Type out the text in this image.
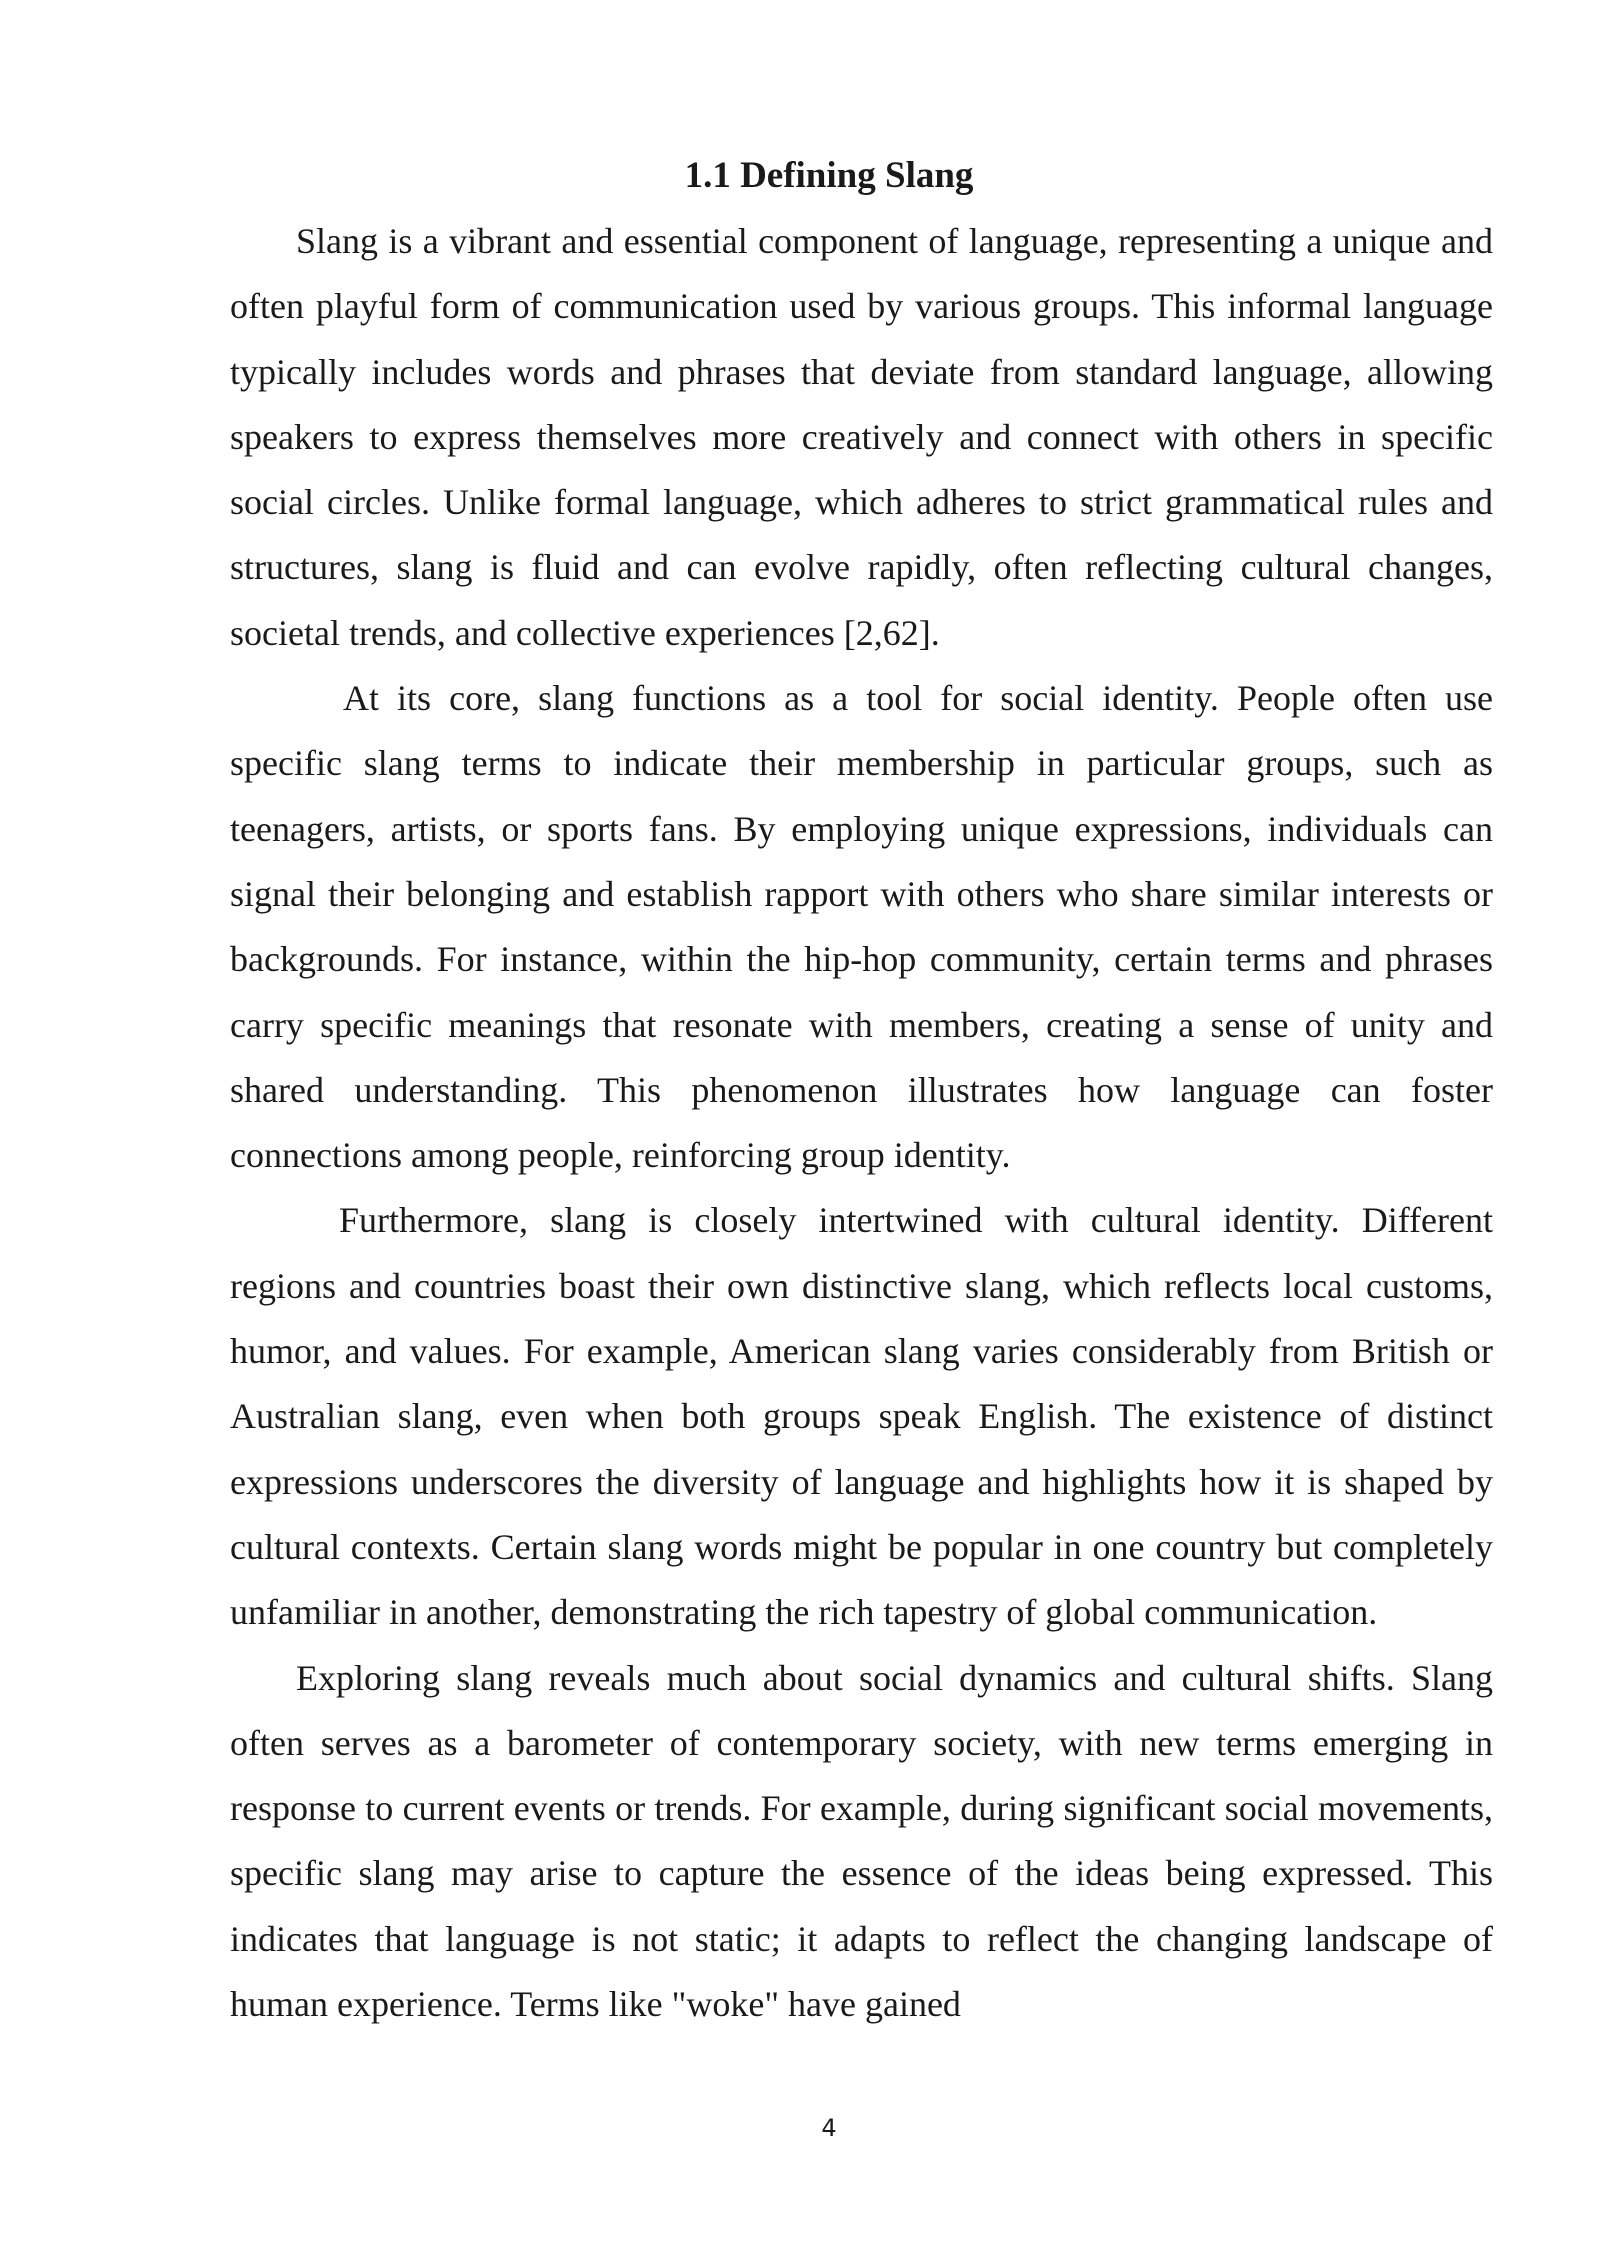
1.1 Defining Slang

Slang is a vibrant and essential component of language, representing a unique and often playful form of communication used by various groups. This informal language typically includes words and phrases that deviate from standard language, allowing speakers to express themselves more creatively and connect with others in specific social circles. Unlike formal language, which adheres to strict grammatical rules and structures, slang is fluid and can evolve rapidly, often reflecting cultural changes, societal trends, and collective experiences [2,62].

At its core, slang functions as a tool for social identity. People often use specific slang terms to indicate their membership in particular groups, such as teenagers, artists, or sports fans. By employing unique expressions, individuals can signal their belonging and establish rapport with others who share similar interests or backgrounds. For instance, within the hip-hop community, certain terms and phrases carry specific meanings that resonate with members, creating a sense of unity and shared understanding. This phenomenon illustrates how language can foster connections among people, reinforcing group identity.

Furthermore, slang is closely intertwined with cultural identity. Different regions and countries boast their own distinctive slang, which reflects local customs, humor, and values. For example, American slang varies considerably from British or Australian slang, even when both groups speak English. The existence of distinct expressions underscores the diversity of language and highlights how it is shaped by cultural contexts. Certain slang words might be popular in one country but completely unfamiliar in another, demonstrating the rich tapestry of global communication.

Exploring slang reveals much about social dynamics and cultural shifts. Slang often serves as a barometer of contemporary society, with new terms emerging in response to current events or trends. For example, during significant social movements, specific slang may arise to capture the essence of the ideas being expressed. This indicates that language is not static; it adapts to reflect the changing landscape of human experience. Terms like "woke" have gained

4
